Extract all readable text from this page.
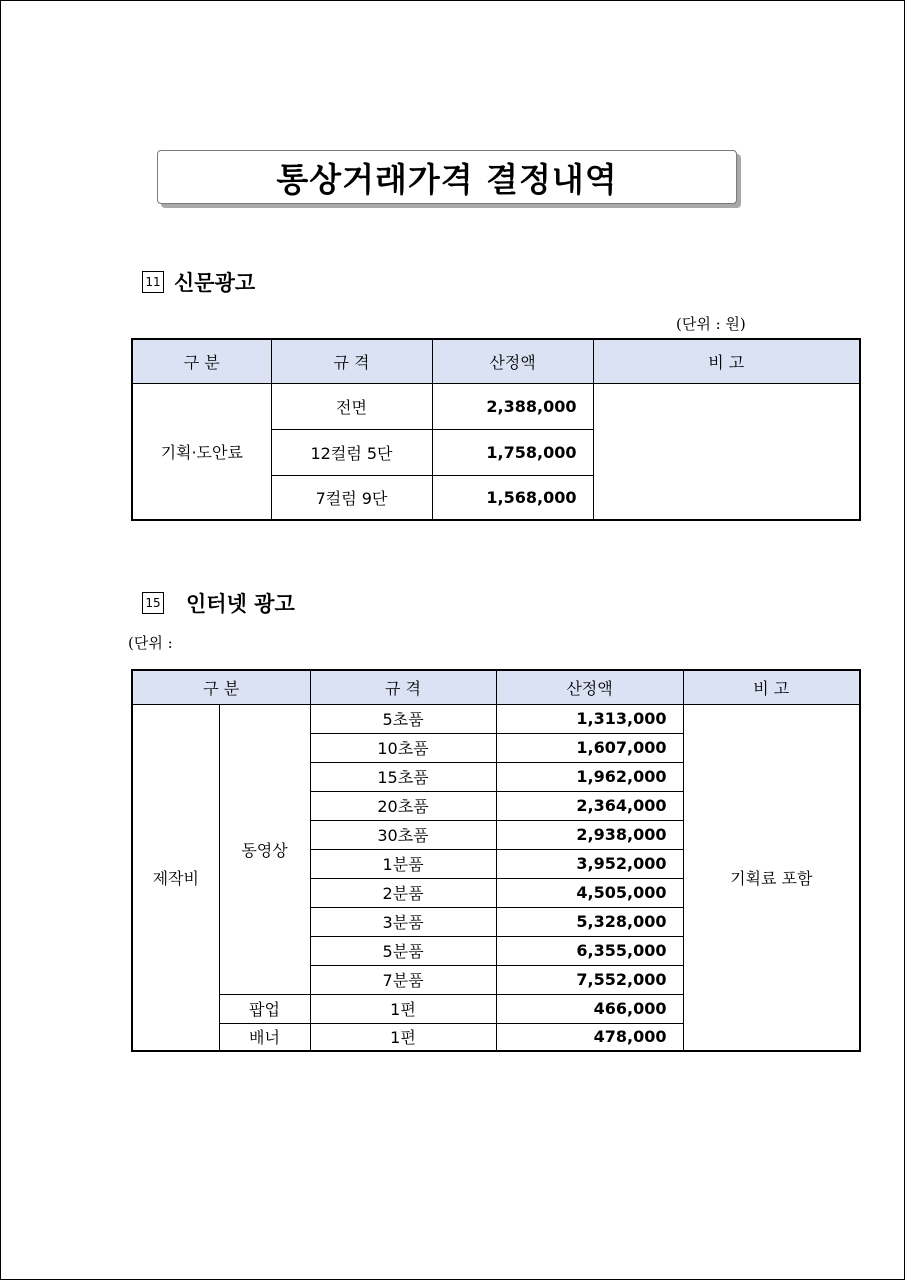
통상거래가격 결정내역
11 신문광고
(단위 : 원)
구 분	규 격	산정액	비 고
기획·도안료	전면	2,388,000	
	12컬럼 5단	1,758,000	
	7컬럼 9단	1,568,000	
15 인터넷 광고
(단위 :
구 분		규 격	산정액	비 고
제작비	동영상	5초품	1,313,000	기획료 포함
		10초품	1,607,000	
		15초품	1,962,000	
		20초품	2,364,000	
		30초품	2,938,000	
		1분품	3,952,000	
		2분품	4,505,000	
		3분품	5,328,000	
		5분품	6,355,000	
		7분품	7,552,000	
	팝업	1편	466,000	
	배너	1편	478,000	
